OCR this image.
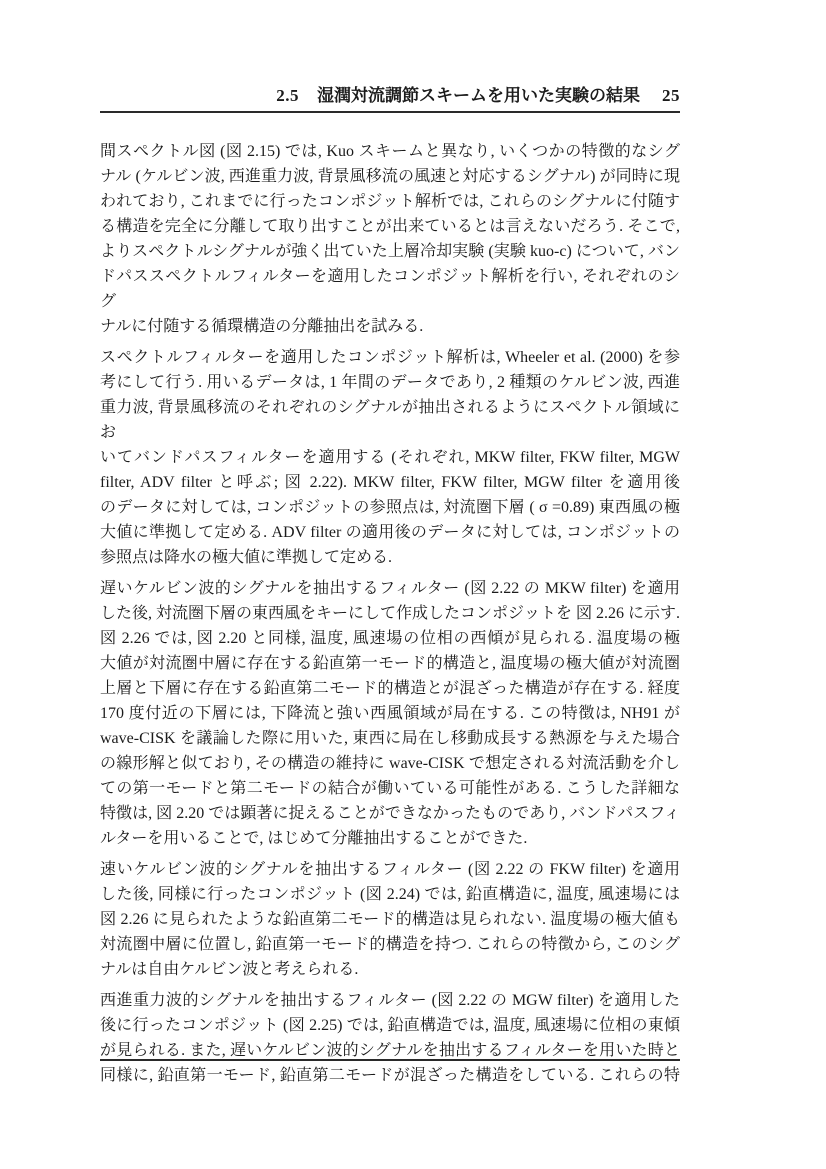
2.5 湿潤対流調節スキームを用いた実験の結果 25
間スペクトル図 (図 2.15) では, Kuo スキームと異なり, いくつかの特徴的なシグ
ナル (ケルビン波, 西進重力波, 背景風移流の風速と対応するシグナル) が同時に現
われており, これまでに行ったコンポジット解析では, これらのシグナルに付随す
る構造を完全に分離して取り出すことが出来ているとは言えないだろう. そこで,
よりスペクトルシグナルが強く出ていた上層冷却実験 (実験 kuo-c) について, バン
ドパススペクトルフィルターを適用したコンポジット解析を行い, それぞれのシグ
ナルに付随する循環構造の分離抽出を試みる.
スペクトルフィルターを適用したコンポジット解析は, Wheeler et al. (2000) を参
考にして行う. 用いるデータは, 1 年間のデータであり, 2 種類のケルビン波, 西進
重力波, 背景風移流のそれぞれのシグナルが抽出されるようにスペクトル領域にお
いてバンドパスフィルターを適用する (それぞれ, MKW filter, FKW filter, MGW
filter, ADV filter と呼ぶ; 図 2.22). MKW filter, FKW filter, MGW filter を適用後
のデータに対しては, コンポジットの参照点は, 対流圏下層 ( σ =0.89) 東西風の極
大値に準拠して定める. ADV filter の適用後のデータに対しては, コンポジットの
参照点は降水の極大値に準拠して定める.
遅いケルビン波的シグナルを抽出するフィルター (図 2.22 の MKW filter) を適用
した後, 対流圏下層の東西風をキーにして作成したコンポジットを 図 2.26 に示す.
図 2.26 では, 図 2.20 と同様, 温度, 風速場の位相の西傾が見られる. 温度場の極
大値が対流圏中層に存在する鉛直第一モード的構造と, 温度場の極大値が対流圏
上層と下層に存在する鉛直第二モード的構造とが混ざった構造が存在する. 経度
170 度付近の下層には, 下降流と強い西風領域が局在する. この特徴は, NH91 が
wave-CISK を議論した際に用いた, 東西に局在し移動成長する熱源を与えた場合
の線形解と似ており, その構造の維持に wave-CISK で想定される対流活動を介し
ての第一モードと第二モードの結合が働いている可能性がある. こうした詳細な
特徴は, 図 2.20 では顕著に捉えることができなかったものであり, バンドパスフィ
ルターを用いることで, はじめて分離抽出することができた.
速いケルビン波的シグナルを抽出するフィルター (図 2.22 の FKW filter) を適用
した後, 同様に行ったコンポジット (図 2.24) では, 鉛直構造に, 温度, 風速場には
図 2.26 に見られたような鉛直第二モード的構造は見られない. 温度場の極大値も
対流圏中層に位置し, 鉛直第一モード的構造を持つ. これらの特徴から, このシグ
ナルは自由ケルビン波と考えられる.
西進重力波的シグナルを抽出するフィルター (図 2.22 の MGW filter) を適用した
後に行ったコンポジット (図 2.25) では, 鉛直構造では, 温度, 風速場に位相の東傾
が見られる. また, 遅いケルビン波的シグナルを抽出するフィルターを用いた時と
同様に, 鉛直第一モード, 鉛直第二モードが混ざった構造をしている. これらの特
